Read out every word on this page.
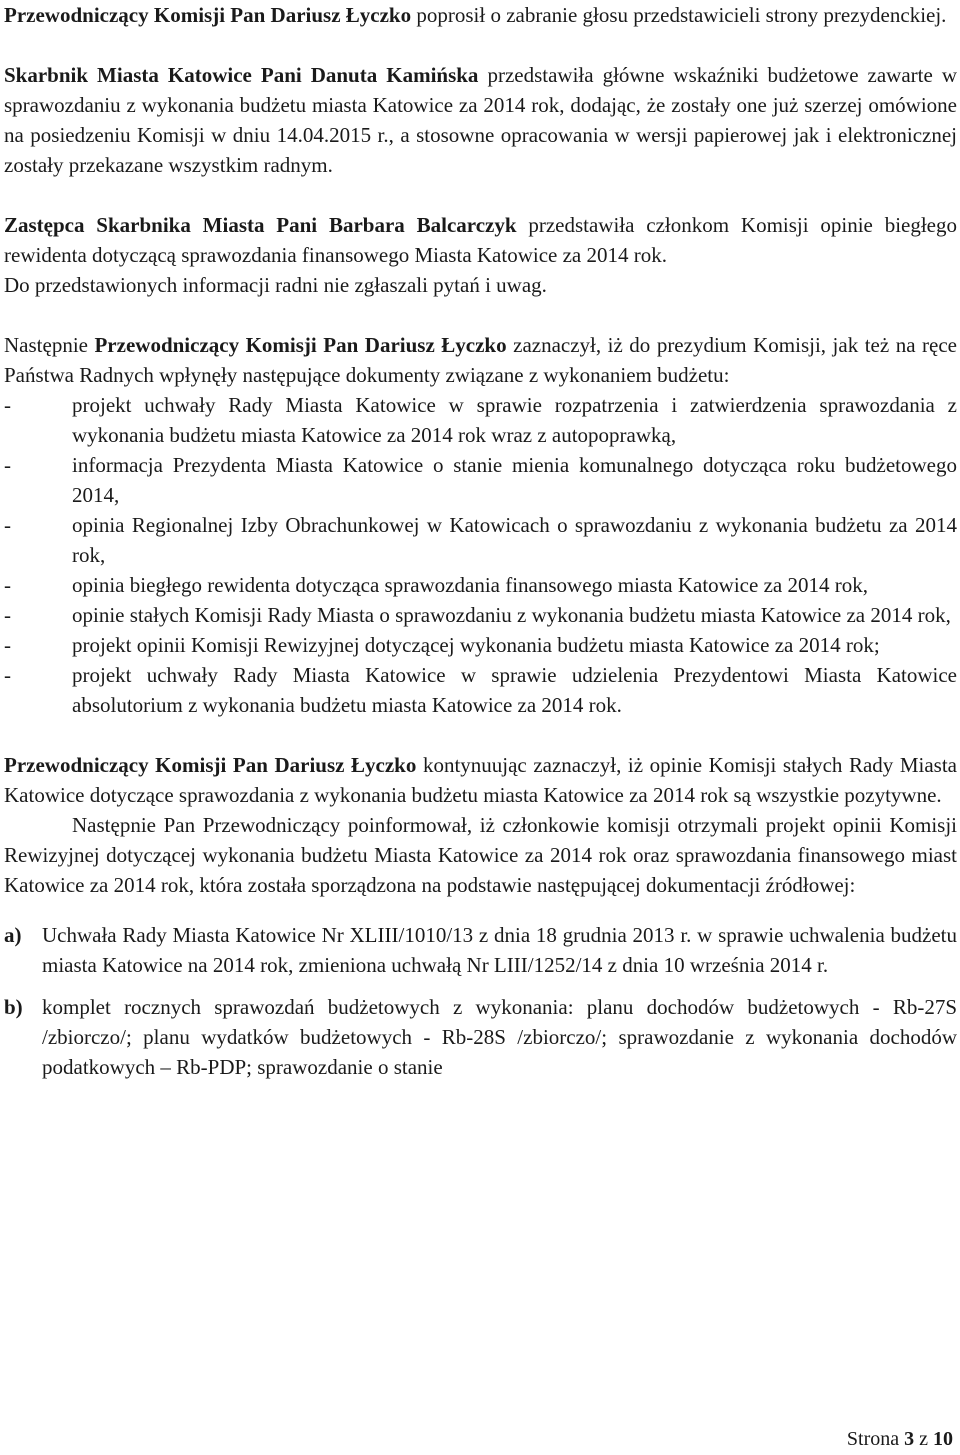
Przewodniczący Komisji Pan Dariusz Łyczko poprosił o zabranie głosu przedstawicieli strony prezydenckiej.

Skarbnik Miasta Katowice Pani Danuta Kamińska przedstawiła główne wskaźniki budżetowe zawarte w sprawozdaniu z wykonania budżetu miasta Katowice za 2014 rok, dodając, że zostały one już szerzej omówione na posiedzeniu Komisji w dniu 14.04.2015 r., a stosowne opracowania w wersji papierowej jak i elektronicznej zostały przekazane wszystkim radnym.

Zastępca Skarbnika Miasta Pani Barbara Balcarczyk przedstawiła członkom Komisji opinie biegłego rewidenta dotyczącą sprawozdania finansowego Miasta Katowice za 2014 rok.

Do przedstawionych informacji radni nie zgłaszali pytań i uwag.

Następnie Przewodniczący Komisji Pan Dariusz Łyczko zaznaczył, iż do prezydium Komisji, jak też na ręce Państwa Radnych wpłynęły następujące dokumenty związane z wykonaniem budżetu:

-	projekt uchwały Rady Miasta Katowice w sprawie rozpatrzenia i zatwierdzenia sprawozdania z wykonania budżetu miasta Katowice za 2014 rok wraz z autopoprawką,
-	informacja Prezydenta Miasta Katowice o stanie mienia komunalnego dotycząca roku budżetowego 2014,
-	opinia Regionalnej Izby Obrachunkowej w Katowicach o sprawozdaniu z wykonania budżetu za 2014 rok,
-	opinia biegłego rewidenta dotycząca sprawozdania finansowego miasta Katowice za 2014 rok,
-	opinie stałych Komisji Rady Miasta o sprawozdaniu z wykonania budżetu miasta Katowice za 2014 rok,
-	projekt opinii Komisji Rewizyjnej dotyczącej wykonania budżetu miasta Katowice za 2014 rok;
-	projekt uchwały Rady Miasta Katowice w sprawie udzielenia Prezydentowi Miasta Katowice absolutorium z wykonania budżetu miasta Katowice za 2014 rok.

Przewodniczący Komisji Pan Dariusz Łyczko kontynuując zaznaczył, iż opinie Komisji stałych Rady Miasta Katowice dotyczące sprawozdania z wykonania budżetu miasta Katowice za 2014 rok są wszystkie pozytywne.

Następnie Pan Przewodniczący poinformował, iż członkowie komisji otrzymali projekt opinii Komisji Rewizyjnej dotyczącej wykonania budżetu Miasta Katowice za 2014 rok oraz sprawozdania finansowego miast Katowice za 2014 rok, która została sporządzona na podstawie następującej dokumentacji źródłowej:

a) Uchwała Rady Miasta Katowice Nr XLIII/1010/13 z dnia 18 grudnia 2013 r. w sprawie uchwalenia budżetu miasta Katowice na 2014 rok, zmieniona uchwałą Nr LIII/1252/14 z dnia 10 września 2014 r.
b) komplet rocznych sprawozdań budżetowych z wykonania: planu dochodów budżetowych - Rb-27S /zbiorczo/; planu wydatków budżetowych - Rb-28S /zbiorczo/; sprawozdanie z wykonania dochodów podatkowych – Rb-PDP; sprawozdanie o stanie
Strona 3 z 10
